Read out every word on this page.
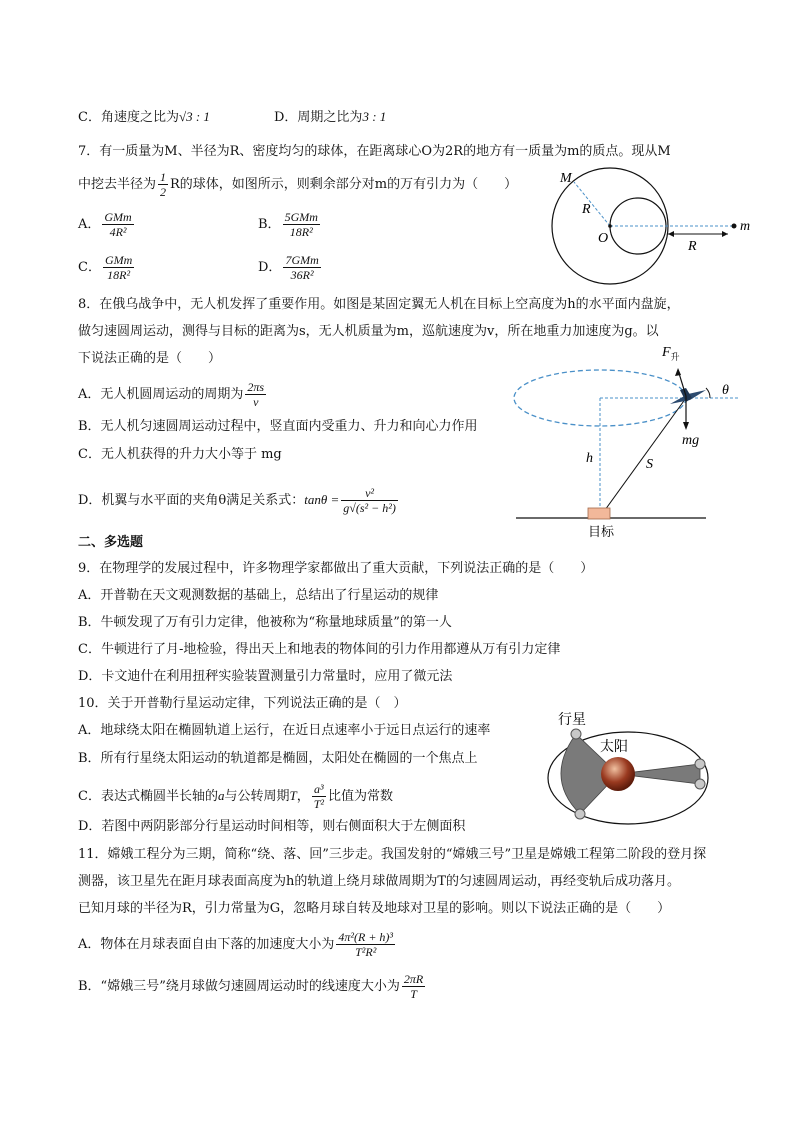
C．角速度之比为√3 : 1	D．周期之比为3 : 1
7．有一质量为M、半径为R、密度均匀的球体，在距离球心O为2R的地方有一质量为m的质点。现从M
中挖去半径为 $\frac{1}{2}$ R的球体，如图所示，则剩余部分对m的万有引力为（　　）
A． $\frac{\text{GMm}}{\text{4R²}}$	B． $\frac{\text{5GMm}}{\text{18R²}}$
C． $\frac{\text{GMm}}{\text{18R²}}$	D． $\frac{\text{7GMm}}{\text{36R²}}$
M
R
O
R
m
8．在俄乌战争中，无人机发挥了重要作用。如图是某固定翼无人机在目标上空高度为h的水平面内盘旋，
做匀速圆周运动，测得与目标的距离为s，无人机质量为m，巡航速度为v，所在地重力加速度为g。以
下说法正确的是（　　）
A．无人机圆周运动的周期为 $\frac{2\pi s}{v}$
B．无人机匀速圆周运动过程中，竖直面内受重力、升力和向心力作用
C．无人机获得的升力大小等于 mg
D．机翼与水平面的夹角θ满足关系式：$\tan\theta = \frac{\text{v²}}{\text{g√(s² − h²)}}$
$F_升$
θ
mg
h	S
目标
二、多选题
9．在物理学的发展过程中，许多物理学家都做出了重大贡献，下列说法正确的是（　　）
A．开普勒在天文观测数据的基础上，总结出了行星运动的规律
B．牛顿发现了万有引力定律，他被称为“称量地球质量”的第一人
C．牛顿进行了月-地检验，得出天上和地表的物体间的引力作用都遵从万有引力定律
D．卡文迪什在利用扭秤实验装置测量引力常量时，应用了微元法
10．关于开普勒行星运动定律，下列说法正确的是（　）
A．地球绕太阳在椭圆轨道上运行，在近日点速率小于远日点运行的速率
B．所有行星绕太阳运动的轨道都是椭圆，太阳处在椭圆的一个焦点上
C．表达式椭圆半长轴的a与公转周期T， $\frac{\text{a³}}{\text{T²}}$ 比值为常数
D．若图中两阴影部分行星运动时间相等，则右侧面积大于左侧面积
行星
太阳
11．嫦娥工程分为三期，简称“绕、落、回”三步走。我国发射的“嫦娥三号”卫星是嫦娥工程第二阶段的登月探
测器，该卫星先在距月球表面高度为h的轨道上绕月球做周期为T的匀速圆周运动，再经变轨后成功落月。
已知月球的半径为R，引力常量为G，忽略月球自转及地球对卫星的影响。则以下说法正确的是（　　）
A．物体在月球表面自由下落的加速度大小为 $\frac{\text{4π²(R + h)³}}{\text{T²R²}}$
B．“嫦娥三号”绕月球做匀速圆周运动时的线速度大小为 $\frac{2\pi R}{T}$
